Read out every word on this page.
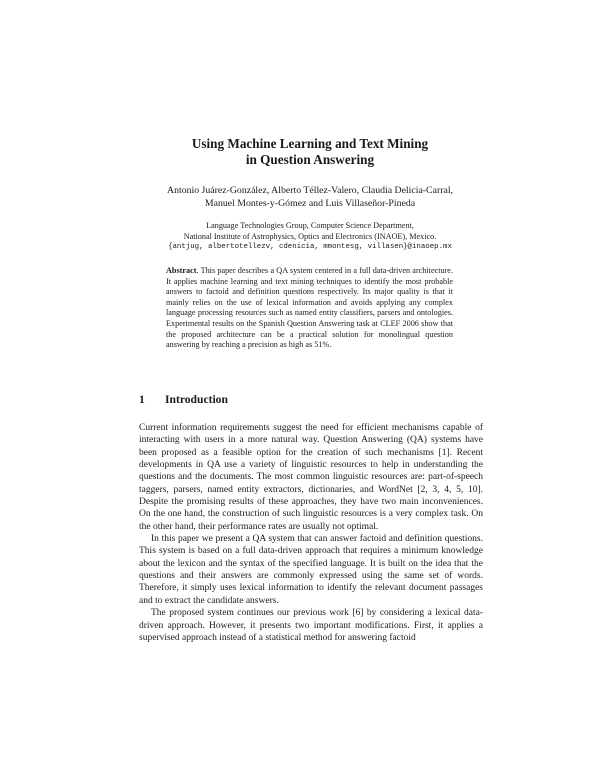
Using Machine Learning and Text Mining
in Question Answering
Antonio Juárez-González, Alberto Téllez-Valero, Claudia Delicia-Carral,
Manuel Montes-y-Gómez and Luis Villaseñor-Pineda
Language Technologies Group, Computer Science Department,
National Institute of Astrophysics, Optics and Electronics (INAOE), Mexico.
{antjug, albertotellezv, cdenicia, mmontesg, villasen}@inaoep.mx
Abstract. This paper describes a QA system centered in a full data-driven architecture. It applies machine learning and text mining techniques to identify the most probable answers to factoid and definition questions respectively. Its major quality is that it mainly relies on the use of lexical information and avoids applying any complex language processing resources such as named entity classifiers, parsers and ontologies. Experimental results on the Spanish Question Answering task at CLEF 2006 show that the proposed architecture can be a practical solution for monolingual question answering by reaching a precision as high as 51%.
1 Introduction

Current information requirements suggest the need for efficient mechanisms capable of interacting with users in a more natural way. Question Answering (QA) systems have been proposed as a feasible option for the creation of such mechanisms [1]. Recent developments in QA use a variety of linguistic resources to help in understanding the questions and the documents. The most common linguistic resources are: part-of-speech taggers, parsers, named entity extractors, dictionaries, and WordNet [2, 3, 4, 5, 10]. Despite the promising results of these approaches, they have two main inconveniences. On the one hand, the construction of such linguistic resources is a very complex task. On the other hand, their performance rates are usually not optimal.

In this paper we present a QA system that can answer factoid and definition questions. This system is based on a full data-driven approach that requires a minimum knowledge about the lexicon and the syntax of the specified language. It is built on the idea that the questions and their answers are commonly expressed using the same set of words. Therefore, it simply uses lexical information to identify the relevant document passages and to extract the candidate answers.

The proposed system continues our previous work [6] by considering a lexical data-driven approach. However, it presents two important modifications. First, it applies a supervised approach instead of a statistical method for answering factoid
